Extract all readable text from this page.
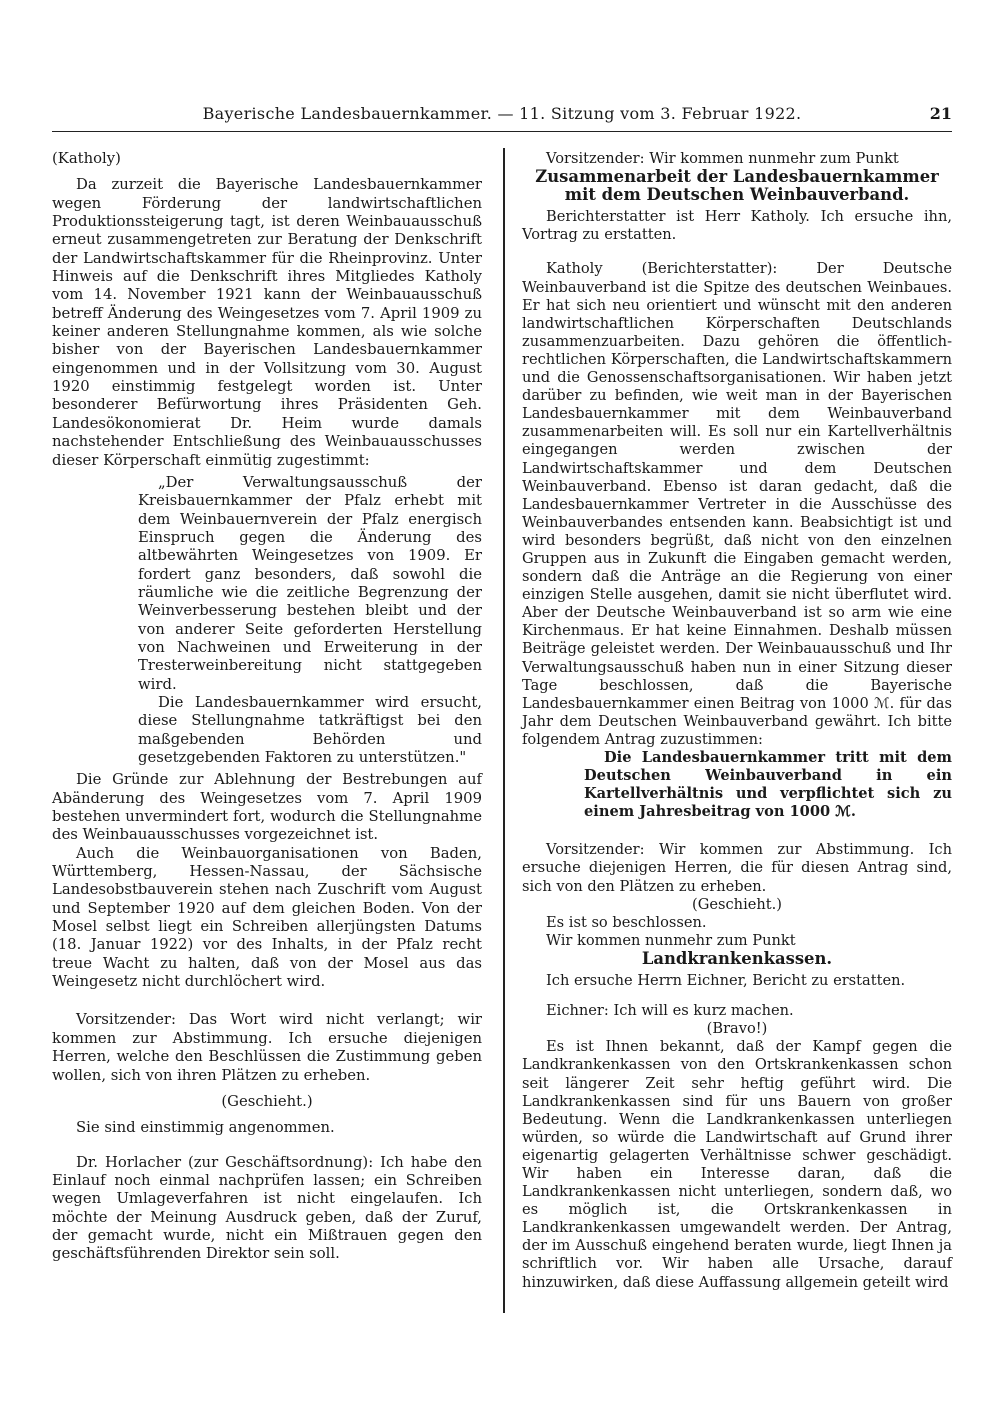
Bayerische Landesbauernkammer. — 11. Sitzung vom 3. Februar 1922.	21

(Katholy)

Da zurzeit die Bayerische Landesbauernkammer wegen Förderung der landwirtschaftlichen Produktionssteigerung tagt, ist deren Weinbauausschuß erneut zusammengetreten zur Beratung der Denkschrift der Landwirtschaftskammer für die Rheinprovinz. Unter Hinweis auf die Denkschrift ihres Mitgliedes Katholy vom 14. November 1921 kann der Weinbauausschuß betreff Änderung des Weingesetzes vom 7. April 1909 zu keiner anderen Stellungnahme kommen, als wie solche bisher von der Bayerischen Landesbauernkammer eingenommen und in der Vollsitzung vom 30. August 1920 einstimmig festgelegt worden ist. Unter besonderer Befürwortung ihres Präsidenten Geh. Landesökonomierat Dr. Heim wurde damals nachstehender Entschließung des Weinbauausschusses dieser Körperschaft einmütig zugestimmt:

„Der Verwaltungsausschuß der Kreisbauernkammer der Pfalz erhebt mit dem Weinbauernverein der Pfalz energisch Einspruch gegen die Änderung des altbewährten Weingesetzes von 1909. Er fordert ganz besonders, daß sowohl die räumliche wie die zeitliche Begrenzung der Weinverbesserung bestehen bleibt und der von anderer Seite geforderten Herstellung von Nachweinen und Erweiterung in der Tresterweinbereitung nicht stattgegeben wird.

Die Landesbauernkammer wird ersucht, diese Stellungnahme tatkräftigst bei den maßgebenden Behörden und gesetzgebenden Faktoren zu unterstützen."

Die Gründe zur Ablehnung der Bestrebungen auf Abänderung des Weingesetzes vom 7. April 1909 bestehen unvermindert fort, wodurch die Stellungnahme des Weinbauausschusses vorgezeichnet ist.

Auch die Weinbauorganisationen von Baden, Württemberg, Hessen-Nassau, der Sächsische Landesobstbauverein stehen nach Zuschrift vom August und September 1920 auf dem gleichen Boden. Von der Mosel selbst liegt ein Schreiben allerjüngsten Datums (18. Januar 1922) vor des Inhalts, in der Pfalz recht treue Wacht zu halten, daß von der Mosel aus das Weingesetz nicht durchlöchert wird.

Vorsitzender: Das Wort wird nicht verlangt; wir kommen zur Abstimmung. Ich ersuche diejenigen Herren, welche den Beschlüssen die Zustimmung geben wollen, sich von ihren Plätzen zu erheben.

(Geschieht.)

Sie sind einstimmig angenommen.

Dr. Horlacher (zur Geschäftsordnung): Ich habe den Einlauf noch einmal nachprüfen lassen; ein Schreiben wegen Umlageverfahren ist nicht eingelaufen. Ich möchte der Meinung Ausdruck geben, daß der Zuruf, der gemacht wurde, nicht ein Mißtrauen gegen den geschäftsführenden Direktor sein soll.

Vorsitzender: Wir kommen nunmehr zum Punkt

Zusammenarbeit der Landesbauernkammer mit dem Deutschen Weinbauverband.

Berichterstatter ist Herr Katholy. Ich ersuche ihn, Vortrag zu erstatten.

Katholy (Berichterstatter): Der Deutsche Weinbauverband ist die Spitze des deutschen Weinbaues. Er hat sich neu orientiert und wünscht mit den anderen landwirtschaftlichen Körperschaften Deutschlands zusammenzuarbeiten. Dazu gehören die öffentlich-rechtlichen Körperschaften, die Landwirtschaftskammern und die Genossenschaftsorganisationen. Wir haben jetzt darüber zu befinden, wie weit man in der Bayerischen Landesbauernkammer mit dem Weinbauverband zusammenarbeiten will. Es soll nur ein Kartellverhältnis eingegangen werden zwischen der Landwirtschaftskammer und dem Deutschen Weinbauverband. Ebenso ist daran gedacht, daß die Landesbauernkammer Vertreter in die Ausschüsse des Weinbauverbandes entsenden kann. Beabsichtigt ist und wird besonders begrüßt, daß nicht von den einzelnen Gruppen aus in Zukunft die Eingaben gemacht werden, sondern daß die Anträge an die Regierung von einer einzigen Stelle ausgehen, damit sie nicht überflutet wird. Aber der Deutsche Weinbauverband ist so arm wie eine Kirchenmaus. Er hat keine Einnahmen. Deshalb müssen Beiträge geleistet werden. Der Weinbauausschuß und Ihr Verwaltungsausschuß haben nun in einer Sitzung dieser Tage beschlossen, daß die Bayerische Landesbauernkammer einen Beitrag von 1000 ℳ. für das Jahr dem Deutschen Weinbauverband gewährt. Ich bitte folgendem Antrag zuzustimmen:

Die Landesbauernkammer tritt mit dem Deutschen Weinbauverband in ein Kartellverhältnis und verpflichtet sich zu einem Jahresbeitrag von 1000 ℳ.

Vorsitzender: Wir kommen zur Abstimmung. Ich ersuche diejenigen Herren, die für diesen Antrag sind, sich von den Plätzen zu erheben.

(Geschieht.)

Es ist so beschlossen.

Wir kommen nunmehr zum Punkt

Landkrankenkassen.

Ich ersuche Herrn Eichner, Bericht zu erstatten.

Eichner: Ich will es kurz machen.

(Bravo!)

Es ist Ihnen bekannt, daß der Kampf gegen die Landkrankenkassen von den Ortskrankenkassen schon seit längerer Zeit sehr heftig geführt wird. Die Landkrankenkassen sind für uns Bauern von großer Bedeutung. Wenn die Landkrankenkassen unterliegen würden, so würde die Landwirtschaft auf Grund ihrer eigenartig gelagerten Verhältnisse schwer geschädigt. Wir haben ein Interesse daran, daß die Landkrankenkassen nicht unterliegen, sondern daß, wo es möglich ist, die Ortskrankenkassen in Landkrankenkassen umgewandelt werden. Der Antrag, der im Ausschuß eingehend beraten wurde, liegt Ihnen ja schriftlich vor. Wir haben alle Ursache, darauf hinzuwirken, daß diese Auffassung allgemein geteilt wird
